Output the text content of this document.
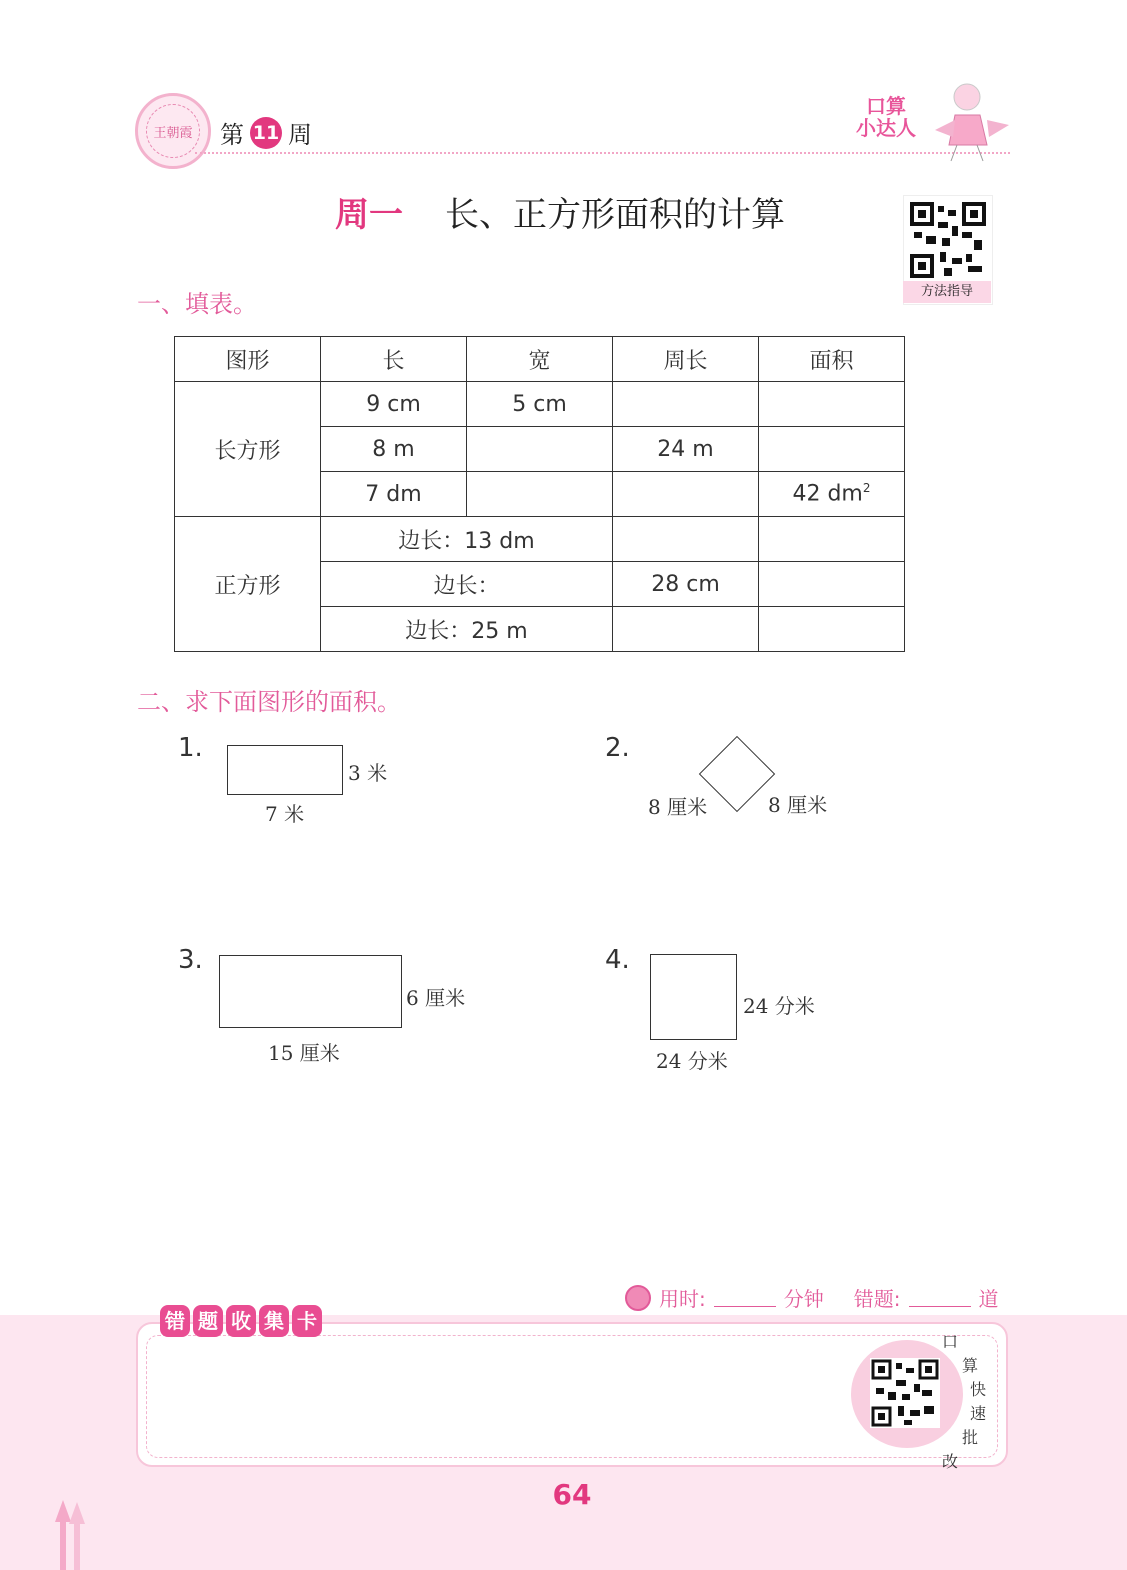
王朝霞	第 11 周
口算
小达人
周一 长、正方形面积的计算
方法指导
一、填表。
图形	长	宽	周长	面积
长方形	9 cm	5 cm		
	8 m		24 m	
	7 dm			42 $dm^2$
正方形	边长：13 dm			
	边长：		28 cm	
	边长：25 m			
二、求下面图形的面积。
1.
3 米
7 米
2.
8 厘米	8 厘米
3.
6 厘米
15 厘米
4.
24 分米
24 分米
用时:	分钟 错题:	道
错 题 收 集 卡
口
算
快
速
批
改
64
